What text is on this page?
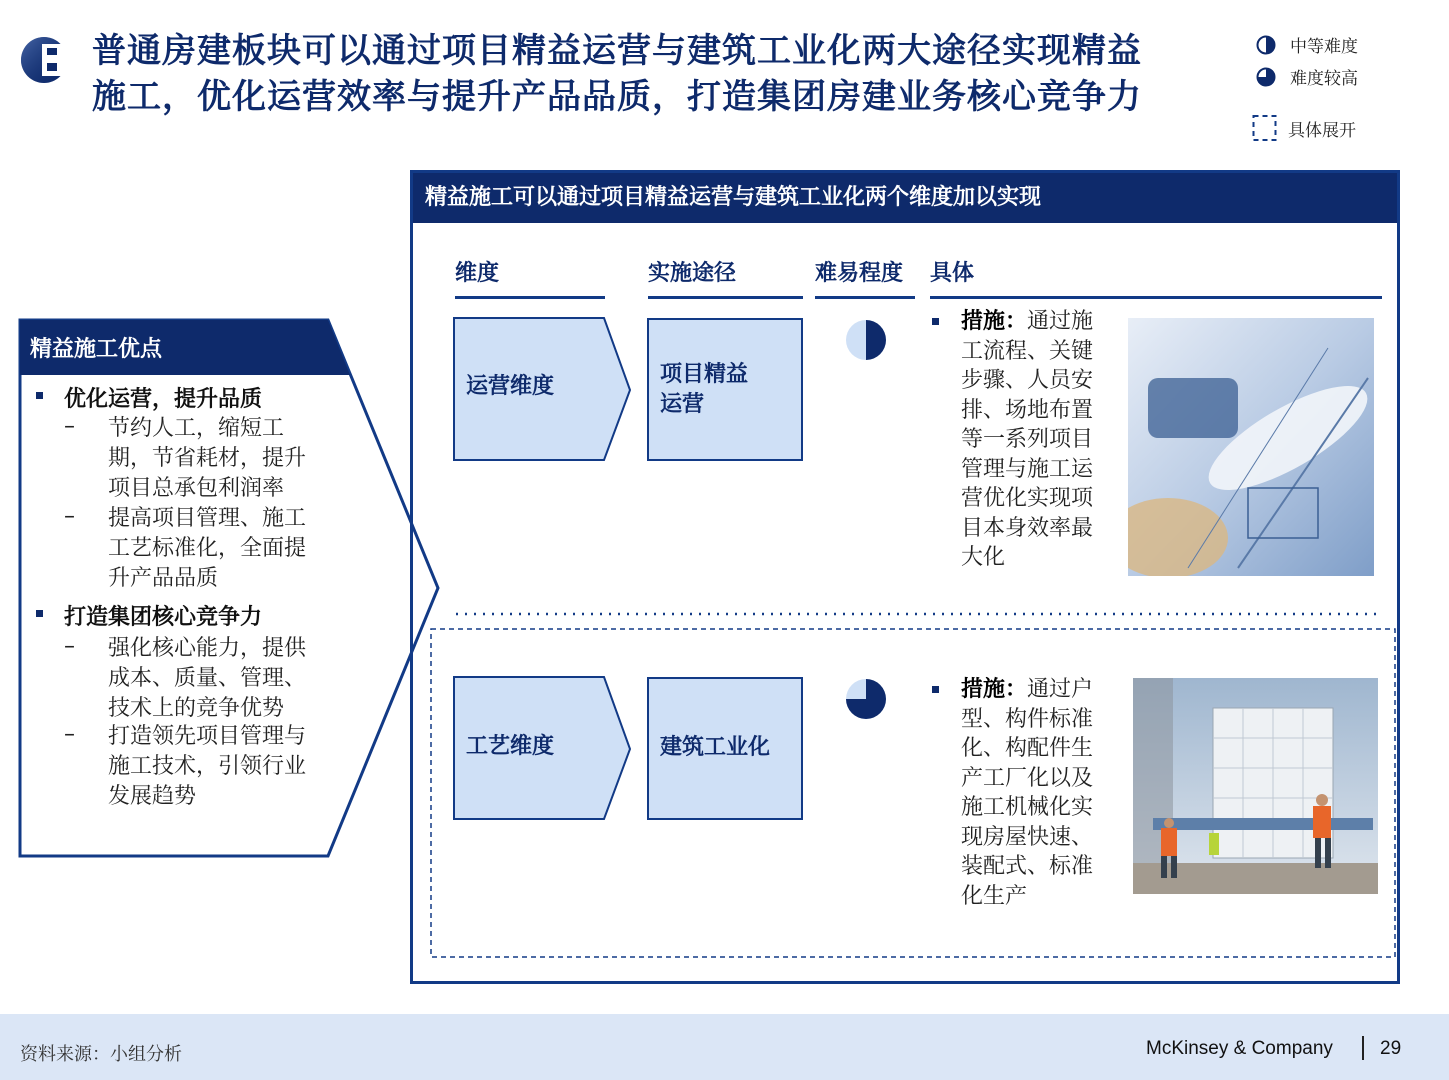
普通房建板块可以通过项目精益运营与建筑工业化两大途径实现精益
施工，优化运营效率与提升产品品质，打造集团房建业务核心竞争力
中等难度
难度较高
具体展开
精益施工优点
优化运营，提升品质
– 节约人工，缩短工
期，节省耗材，提升
项目总承包利润率
– 提高项目管理、施工
工艺标准化，全面提
升产品品质
打造集团核心竞争力
– 强化核心能力，提供
成本、质量、管理、
技术上的竞争优势
– 打造领先项目管理与
施工技术，引领行业
发展趋势
精益施工可以通过项目精益运营与建筑工业化两个维度加以实现
维度	实施途径	难易程度 具体
运营维度	项目精益
运营
措施：通过施
工流程、关键
步骤、人员安
排、场地布置
等一系列项目
管理与施工运
营优化实现项
目本身效率最
大化
工艺维度	建筑工业化
措施：通过户
型、构件标准
化、构配件生
产工厂化以及
施工机械化实
现房屋快速、
装配式、标准
化生产
资料来源：小组分析	McKinsey & Company 29
